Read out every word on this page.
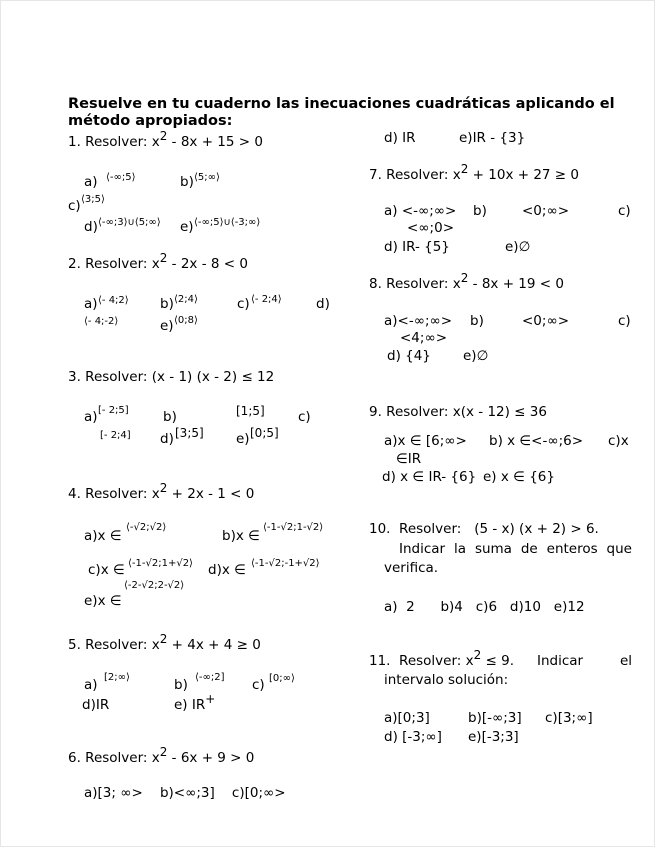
Resuelve en tu cuaderno las inecuaciones cuadráticas aplicando el
método apropiados:
1. Resolver: $x^2 - 8x + 15 > 0$
a) ⟨-∞;5⟩	b) ⟨5;∞⟩
c) ⟨3;5⟩
d) ⟨-∞;3⟩∪⟨5;∞⟩ e) ⟨-∞;5⟩∪⟨-3;∞⟩
2. Resolver: $x^2 - 2x - 8 < 0$
a) ⟨- 4;2⟩ b) ⟨2;4⟩	c) ⟨- 2;4⟩	d)
⟨- 4;-2⟩	e) ⟨0;8⟩
3. Resolver: (x - 1) (x - 2) ≤ 12
a) [- 2;5]	b)	[1;5] c)
[- 2;4] d) [3;5] e) [0;5]
4. Resolver: $x^2 + 2x - 1 < 0$
a)x ∈
⟨-√2;√2⟩
b)x ∈
⟨-1-√2;1-√2⟩
c)x ∈ ⟨-1-√2;1+√2⟩ d)x ∈ ⟨-1-√2;-1+√2⟩
e)x ∈
⟨-2-√2;2-√2⟩
5. Resolver: $x^2 + 4x + 4 \ge 0$
a) [2;∞⟩	b) ⟨-∞;2] c) [0;∞⟩
d)IR	e) IR+
6. Resolver: $x^2 - 6x + 9 > 0$
a)[3; ∞>    b)<∞;3]    c)[0;∞>
d) IR	e)IR - {3}
7. Resolver: $x^2 + 10x + 27 \ge 0$
a) <-∞;∞> b)	<0;∞>	c)
<∞;0>
d) IR- {5}	e)∅
8. Resolver: $x^2 - 8x + 19 < 0$
a)<-∞;∞> b)	<0;∞>	c)
<4;∞>
d) {4} e)∅
9. Resolver: x(x - 12) ≤ 36
a)x ∈ [6;∞> b) x ∈<-∞;6> c)x
∈IR
d) x ∈ IR- {6} e) x ∈ {6}
10.  Resolver:   (5 - x) (x + 2) > 6.
Indicar la suma de enteros que
verifica.
a)  2      b)4   c)6   d)10   e)12
11.  Resolver: $x^2 \le 9$. Indicar	el
intervalo solución:
a)[0;3]	b)[-∞;3] c)[3;∞]
d) [-3;∞] e)[-3;3]
